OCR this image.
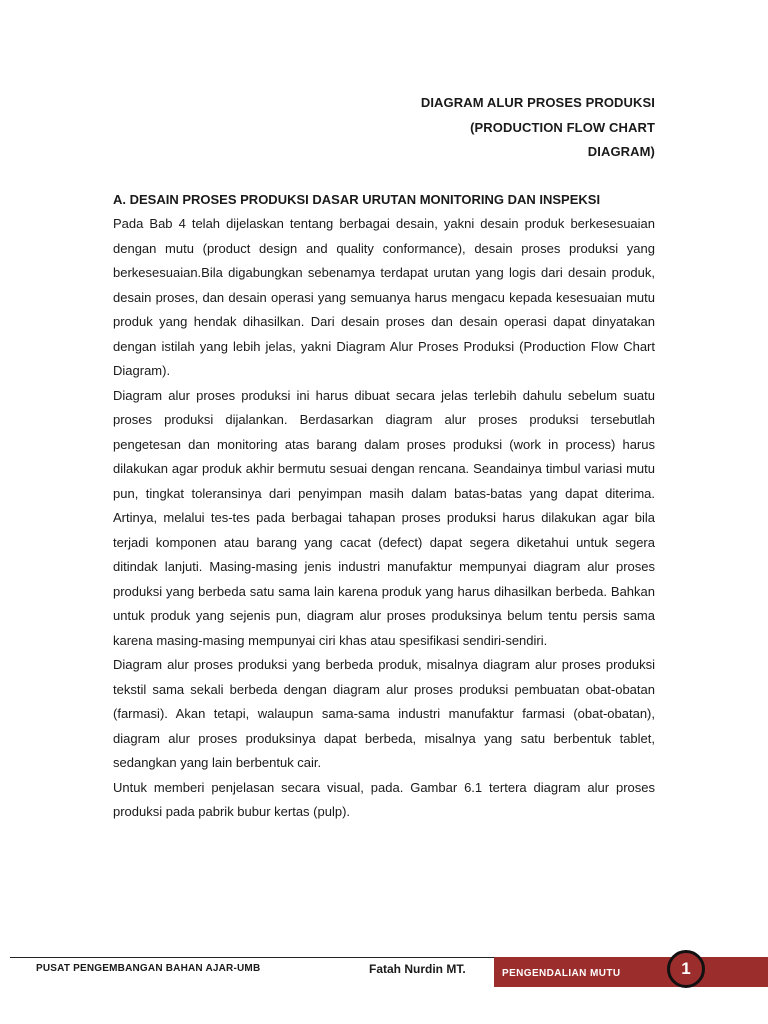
DIAGRAM ALUR PROSES PRODUKSI
(PRODUCTION FLOW CHART
DIAGRAM)
A. DESAIN PROSES PRODUKSI DASAR URUTAN MONITORING DAN INSPEKSI

Pada Bab 4 telah dijelaskan tentang berbagai desain, yakni desain produk berkesesuaian dengan mutu (product design and quality conformance), desain proses produksi yang berkesesuaian.Bila digabungkan sebenamya terdapat urutan yang logis dari desain produk, desain proses, dan desain operasi yang semuanya harus mengacu kepada kesesuaian mutu produk yang hendak dihasilkan. Dari desain proses dan desain operasi dapat dinyatakan dengan istilah yang lebih jelas, yakni Diagram Alur Proses Produksi (Production Flow Chart Diagram).

Diagram alur proses produksi ini harus dibuat secara jelas terlebih dahulu sebelum suatu proses produksi dijalankan. Berdasarkan diagram alur proses produksi tersebutlah pengetesan dan monitoring atas barang dalam proses produksi (work in process) harus dilakukan agar produk akhir bermutu sesuai dengan rencana. Seandainya timbul variasi mutu pun, tingkat toleransinya dari penyimpan masih dalam batas-batas yang dapat diterima. Artinya, melalui tes-tes pada berbagai tahapan proses produksi harus dilakukan agar bila terjadi komponen atau barang yang cacat (defect) dapat segera diketahui untuk segera ditindak lanjuti. Masing-masing jenis industri manufaktur mempunyai diagram alur proses produksi yang berbeda satu sama lain karena produk yang harus dihasilkan berbeda. Bahkan untuk produk yang sejenis pun, diagram alur proses produksinya belum tentu persis sama karena masing-masing mempunyai ciri khas atau spesifikasi sendiri-sendiri.

Diagram alur proses produksi yang berbeda produk, misalnya diagram alur proses produksi tekstil sama sekali berbeda dengan diagram alur proses produksi pembuatan obat-obatan (farmasi). Akan tetapi, walaupun sama-sama industri manufaktur farmasi (obat-obatan), diagram alur proses produksinya dapat berbeda, misalnya yang satu berbentuk tablet, sedangkan yang lain berbentuk cair.

Untuk memberi penjelasan secara visual, pada. Gambar 6.1 tertera diagram alur proses produksi pada pabrik bubur kertas (pulp).

PUSAT PENGEMBANGAN BAHAN AJAR-UMB	Fatah Nurdin MT.	PENGENDALIAN MUTU	1
